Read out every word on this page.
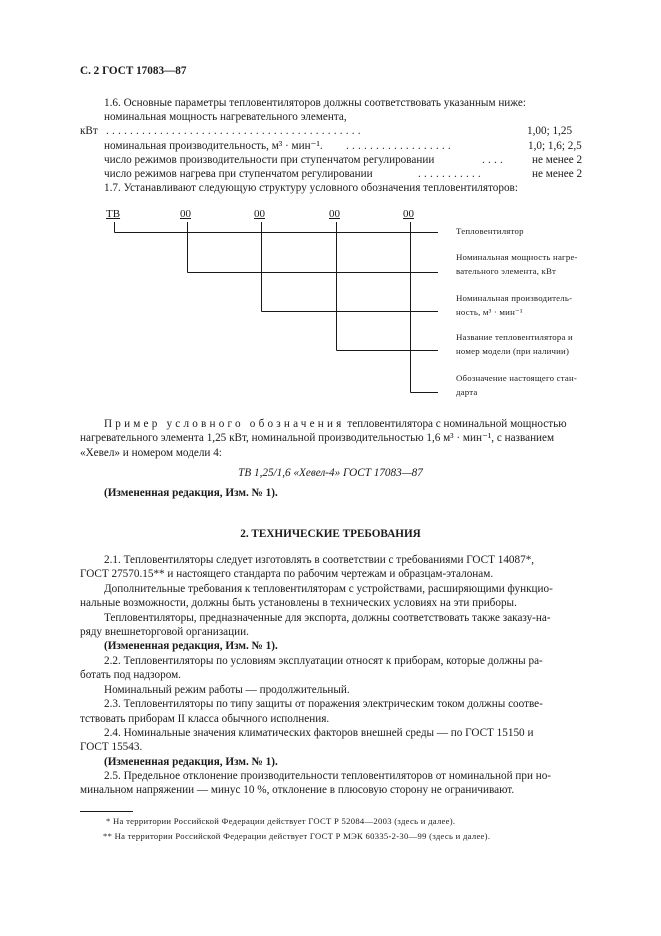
С. 2 ГОСТ 17083—87
1.6. Основные параметры тепловентиляторов должны соответствовать указанным ниже:
номинальная мощность нагревательного элемента,
кВт . . . . . . . . . . . . . . . . . . . . . . . . . . . . . . . . . . . . . . . . . . .	1,00; 1,25
номинальная производительность, м³ · мин⁻¹. . . . . . . . . . . . . . . . . . .	1,0; 1,6; 2,5
число режимов производительности при ступенчатом регулировании	. . . .	не менее 2
число режимов нагрева при ступенчатом регулировании	. . . . . . . . . . .	не менее 2
1.7. Устанавливают следующую структуру условного обозначения тепловентиляторов:
ТВ	00	00	00	00
Тепловентилятор
Номинальная мощность нагре-
вательного элемента, кВт
Номинальная производитель-
ность, м³ · мин⁻¹
Название тепловентилятора и
номер модели (при наличии)
Обозначение настоящего стан-
дарта
Пример условного обозначения тепловентилятора с номинальной мощностью
нагревательного элемента 1,25 кВт, номинальной производительностью 1,6 м³ · мин⁻¹, с названием
«Хевел» и номером модели 4:
ТВ 1,25/1,6 «Хевел-4» ГОСТ 17083—87
(Измененная редакция, Изм. № 1).
2. ТЕХНИЧЕСКИЕ ТРЕБОВАНИЯ
2.1. Тепловентиляторы следует изготовлять в соответствии с требованиями ГОСТ 14087*,
ГОСТ 27570.15** и настоящего стандарта по рабочим чертежам и образцам-эталонам.
Дополнительные требования к тепловентиляторам с устройствами, расширяющими функцио-
нальные возможности, должны быть установлены в технических условиях на эти приборы.
Тепловентиляторы, предназначенные для экспорта, должны соответствовать также заказу-на-
ряду внешнеторговой организации.
(Измененная редакция, Изм. № 1).
2.2. Тепловентиляторы по условиям эксплуатации относят к приборам, которые должны ра-
ботать под надзором.
Номинальный режим работы — продолжительный.
2.3. Тепловентиляторы по типу защиты от поражения электрическим током должны соотве-
тствовать приборам II класса обычного исполнения.
2.4. Номинальные значения климатических факторов внешней среды — по ГОСТ 15150 и
ГОСТ 15543.
(Измененная редакция, Изм. № 1).
2.5. Предельное отклонение производительности тепловентиляторов от номинальной при но-
минальном напряжении — минус 10 %, отклонение в плюсовую сторону не ограничивают.
* На территории Российской Федерации действует ГОСТ Р 52084—2003 (здесь и далее).
** На территории Российской Федерации действует ГОСТ Р МЭК 60335-2-30—99 (здесь и далее).
